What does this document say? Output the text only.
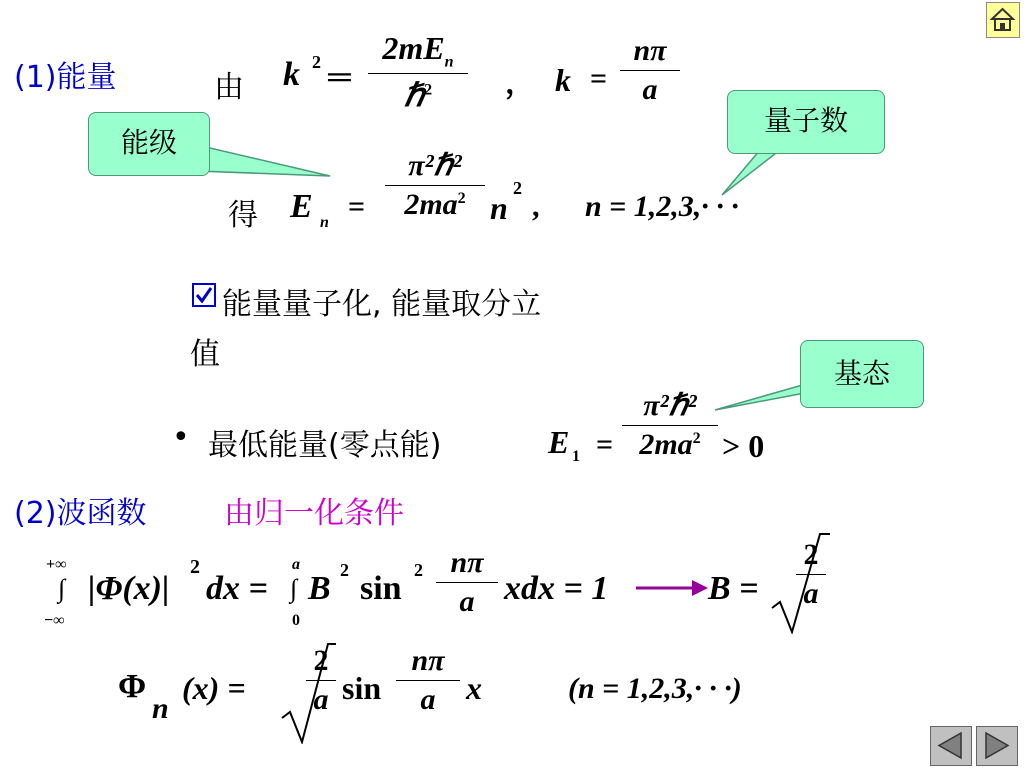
(1)能量	由 k 2 ═
$2mE_n$
ℏ$^2$	， k =
nπ
a
能级
量子数
得 E n =
π²ℏ²
$2ma^2$ n
2
, n = 1,2,3,· · ·
能量量子化, 能量取分立
值
基态
• 最低能量(零点能)	E 1 =
π²ℏ²
$2ma^2 > 0$
(2)波函数	由归一化条件
+∞
∫
−∞
|Φ(x)|
2
dx =
a
∫
0
B 2 sin 2 nπ
a xdx = 1	B =
2
a
Φ
n
(x) =
2
a sin
nπ
a x	(n = 1,2,3,· · ·)
